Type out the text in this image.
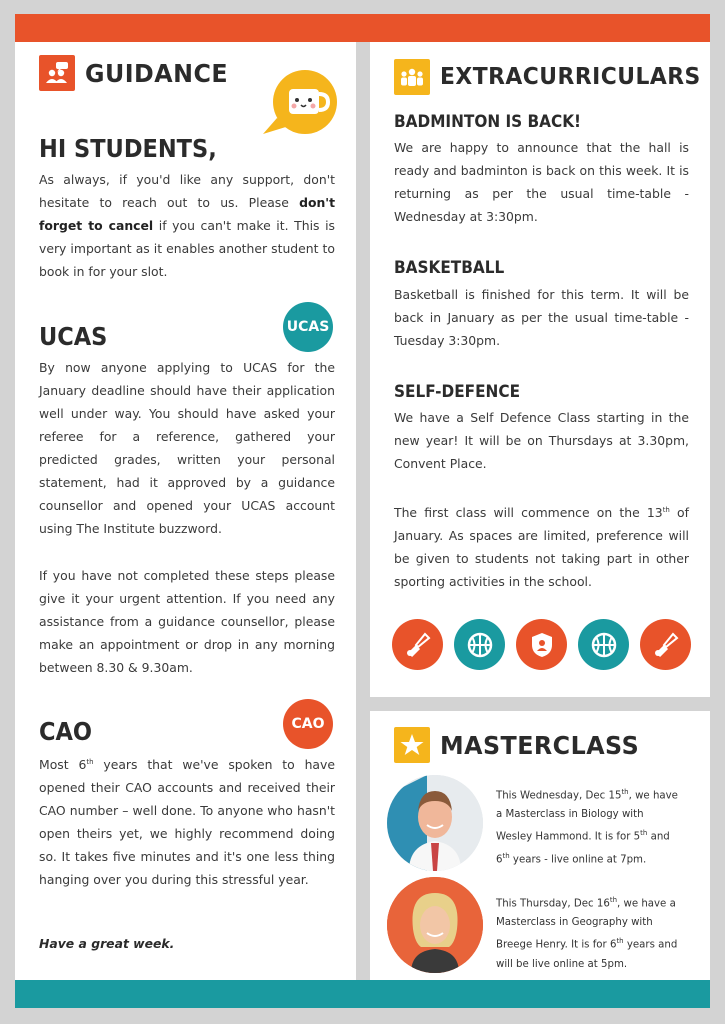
GUIDANCE
HI STUDENTS,
As always, if you'd like any support, don't hesitate to reach out to us. Please don't forget to cancel if you can't make it. This is very important as it enables another student to book in for your slot.
UCAS
UCAS
By now anyone applying to UCAS for the January deadline should have their application well under way. You should have asked your referee for a reference, gathered your predicted grades, written your personal statement, had it approved by a guidance counsellor and opened your UCAS account using The Institute buzzword.
If you have not completed these steps please give it your urgent attention. If you need any assistance from a guidance counsellor, please make an appointment or drop in any morning between 8.30 & 9.30am.
CAO
CAO
Most 6th years that we've spoken to have opened their CAO accounts and received their CAO number – well done. To anyone who hasn't open theirs yet, we highly recommend doing so. It takes five minutes and it's one less thing hanging over you during this stressful year.
Have a great week.
EXTRACURRICULARS
BADMINTON IS BACK!
We are happy to announce that the hall is ready and badminton is back on this week. It is returning as per the usual time-table - Wednesday at 3:30pm.
BASKETBALL
Basketball is finished for this term. It will be back in January as per the usual time-table - Tuesday 3:30pm.
SELF-DEFENCE
We have a Self Defence Class starting in the new year! It will be on Thursdays at 3.30pm, Convent Place.
The first class will commence on the 13th of January. As spaces are limited, preference will be given to students not taking part in other sporting activities in the school.
MASTERCLASS
This Wednesday, Dec 15th, we have a Masterclass in Biology with Wesley Hammond. It is for 5th and 6th years - live online at 7pm.
This Thursday, Dec 16th, we have a Masterclass in Geography with Breege Henry. It is for 6th years and will be live online at 5pm.
